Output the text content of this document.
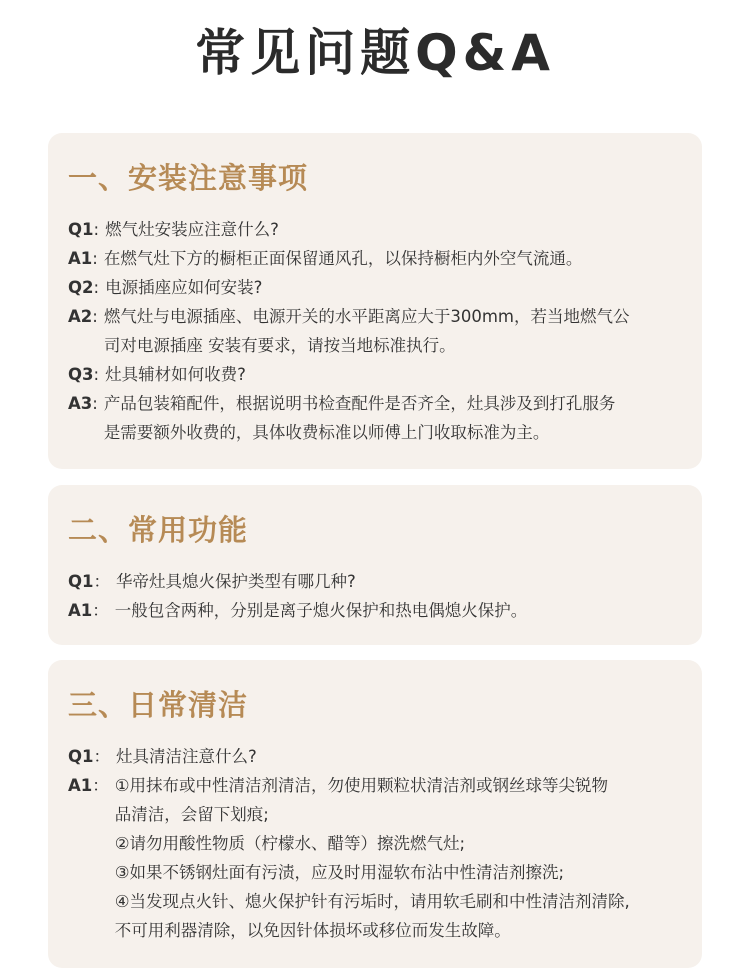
常见问题Q&A
一、安装注意事项
Q1 : 燃气灶安装应注意什么?
A1 : 在燃气灶下方的橱柜正面保留通风孔，以保持橱柜内外空气流通。
Q2 : 电源插座应如何安装?
A2 : 燃气灶与电源插座、电源开关的水平距离应大于300mm，若当地燃气公
司对电源插座 安装有要求，请按当地标准执行。
Q3 : 灶具辅材如何收费?
A3 : 产品包装箱配件，根据说明书检查配件是否齐全，灶具涉及到打孔服务
是需要额外收费的，具体收费标准以师傅上门收取标准为主。
二、常用功能
Q1 ： 华帝灶具熄火保护类型有哪几种?
A1 ： 一般包含两种，分别是离子熄火保护和热电偶熄火保护。
三、日常清洁
Q1 ： 灶具清洁注意什么?
A1 ： ①用抹布或中性清洁剂清洁，勿使用颗粒状清洁剂或钢丝球等尖锐物
品清洁，会留下划痕;
②请勿用酸性物质（柠檬水、醋等）擦洗燃气灶;
③如果不锈钢灶面有污渍，应及时用湿软布沾中性清洁剂擦洗;
④当发现点火针、熄火保护针有污垢时，请用软毛刷和中性清洁剂清除,
不可用利器清除，以免因针体损坏或移位而发生故障。
